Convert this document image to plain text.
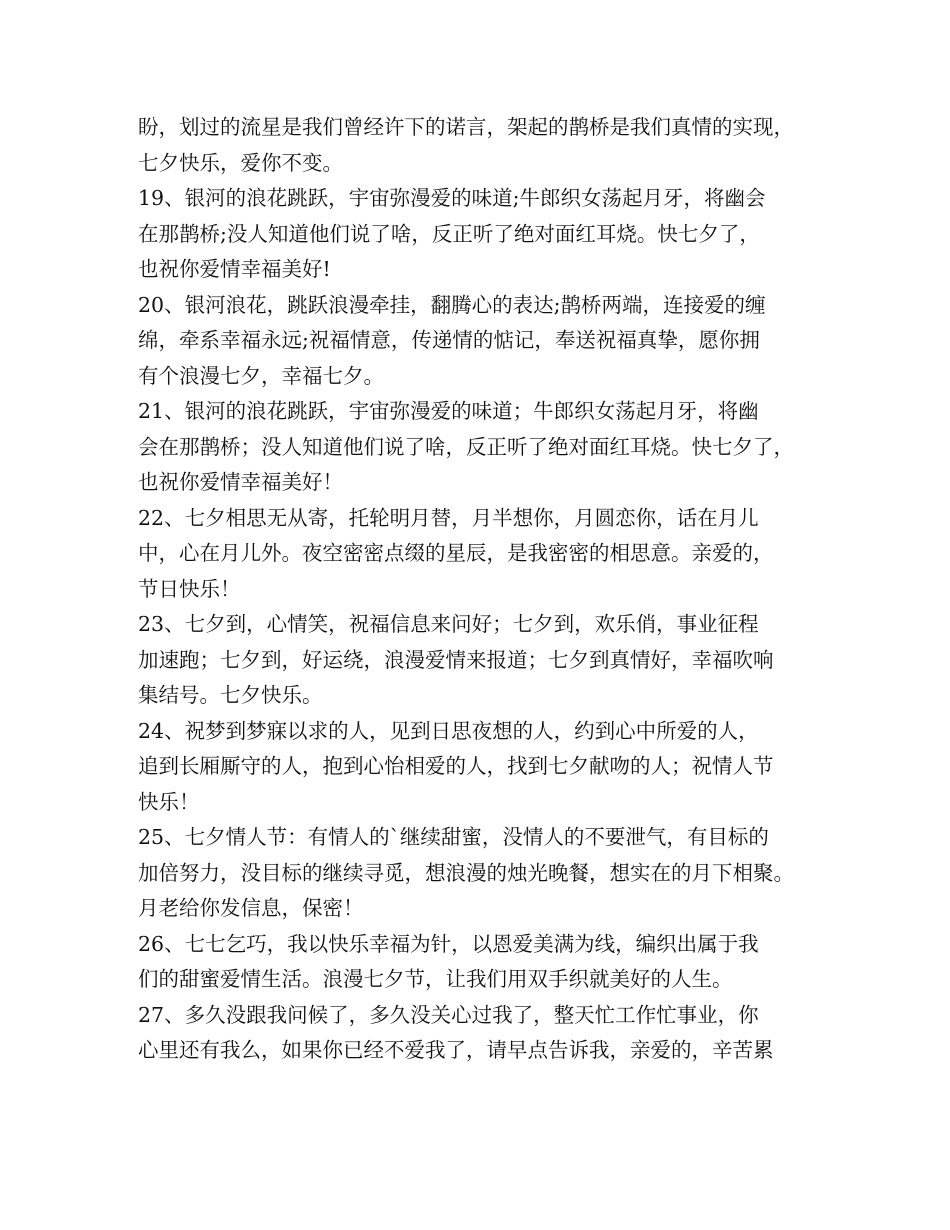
盼，划过的流星是我们曾经许下的诺言，架起的鹊桥是我们真情的实现，
七夕快乐，爱你不变。
19、银河的浪花跳跃，宇宙弥漫爱的味道;牛郎织女荡起月牙，将幽会
在那鹊桥;没人知道他们说了啥，反正听了绝对面红耳烧。快七夕了，
也祝你爱情幸福美好!
20、银河浪花，跳跃浪漫牵挂，翻腾心的表达;鹊桥两端，连接爱的缠
绵，牵系幸福永远;祝福情意，传递情的惦记，奉送祝福真挚，愿你拥
有个浪漫七夕，幸福七夕。
21、银河的浪花跳跃，宇宙弥漫爱的味道；牛郎织女荡起月牙，将幽
会在那鹊桥；没人知道他们说了啥，反正听了绝对面红耳烧。快七夕了，
也祝你爱情幸福美好！
22、七夕相思无从寄，托轮明月替，月半想你，月圆恋你，话在月儿
中，心在月儿外。夜空密密点缀的星辰，是我密密的相思意。亲爱的，
节日快乐！
23、七夕到，心情笑，祝福信息来问好；七夕到，欢乐俏，事业征程
加速跑；七夕到，好运绕，浪漫爱情来报道；七夕到真情好，幸福吹响
集结号。七夕快乐。
24、祝梦到梦寐以求的人，见到日思夜想的人，约到心中所爱的人，
追到长厢厮守的人，抱到心怡相爱的人，找到七夕献吻的人；祝情人节
快乐！
25、七夕情人节：有情人的`继续甜蜜，没情人的不要泄气，有目标的
加倍努力，没目标的继续寻觅，想浪漫的烛光晚餐，想实在的月下相聚。
月老给你发信息，保密！
26、七七乞巧，我以快乐幸福为针，以恩爱美满为线，编织出属于我
们的甜蜜爱情生活。浪漫七夕节，让我们用双手织就美好的人生。
27、多久没跟我问候了，多久没关心过我了，整天忙工作忙事业，你
心里还有我么，如果你已经不爱我了，请早点告诉我，亲爱的，辛苦累
